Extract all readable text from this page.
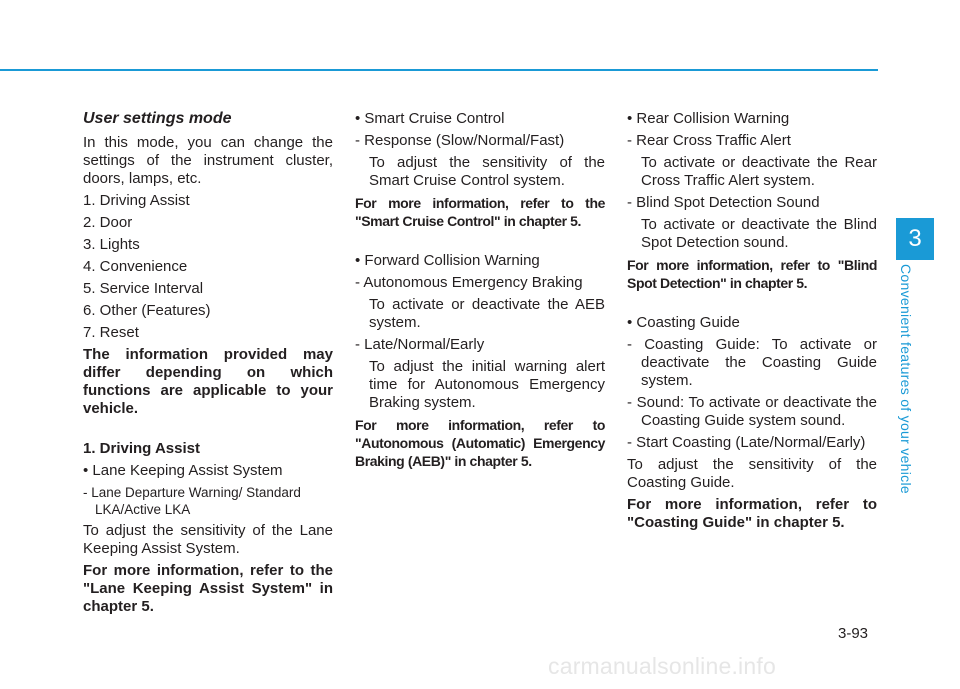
User settings mode

In this mode, you can change the settings of the instrument cluster, doors, lamps, etc.

1. Driving Assist

2. Door

3. Lights

4. Convenience

5. Service Interval

6. Other (Features)

7. Reset

The information provided may differ depending on which functions are applicable to your vehicle.

1. Driving Assist

• Lane Keeping Assist System

- Lane Departure Warning/ Standard LKA/Active LKA

To adjust the sensitivity of the Lane Keeping Assist System.

For more information, refer to the "Lane Keeping Assist System" in chapter 5.

• Smart Cruise Control

- Response (Slow/Normal/Fast)

To adjust the sensitivity of the Smart Cruise Control system.

For more information, refer to the "Smart Cruise Control" in chapter 5.

• Forward Collision Warning

- Autonomous Emergency Braking

To activate or deactivate the AEB system.

- Late/Normal/Early

To adjust the initial warning alert time for Autonomous Emergency Braking system.

For more information, refer to "Autonomous (Automatic) Emergency Braking (AEB)" in chapter 5.

• Rear Collision Warning

- Rear Cross Traffic Alert

To activate or deactivate the Rear Cross Traffic Alert system.

- Blind Spot Detection Sound

To activate or deactivate the Blind Spot Detection sound.

For more information, refer to "Blind Spot Detection" in chapter 5.

• Coasting Guide

- Coasting Guide: To activate or deactivate the Coasting Guide system.

- Sound: To activate or deactivate the Coasting Guide system sound.

- Start Coasting (Late/Normal/Early)

To adjust the sensitivity of the Coasting Guide.

For more information, refer to "Coasting Guide" in chapter 5.

3
Convenient features of your vehicle
3-93
carmanualsonline.info
